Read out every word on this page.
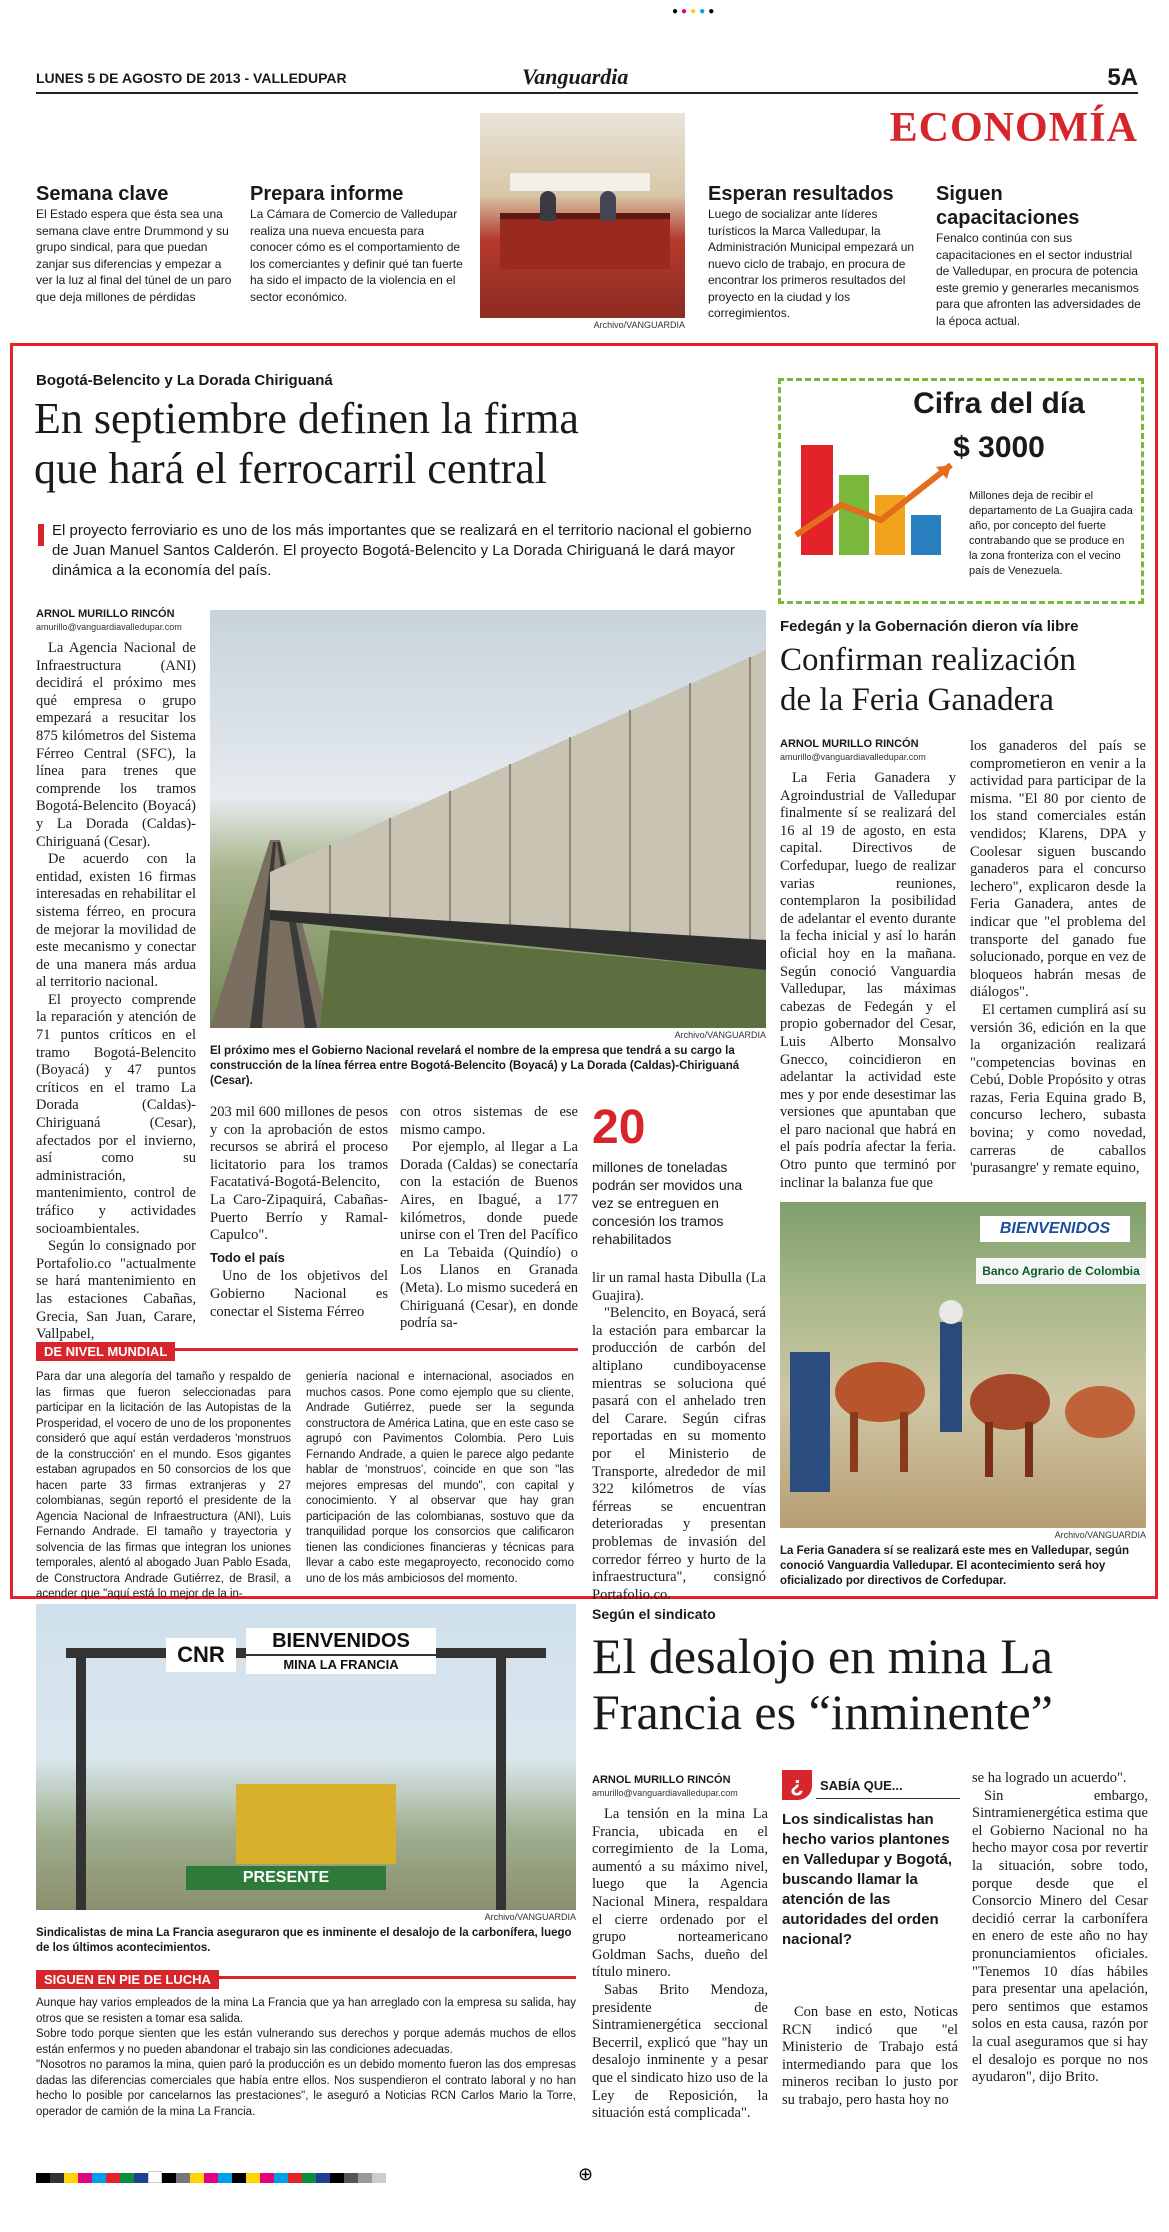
●●●●●
LUNES 5 DE AGOSTO DE 2013 - VALLEDUPAR	Vanguardia	5A
ECONOMÍA
Archivo/VANGUARDIA
Semana clave
El Estado espera que ésta sea una semana clave entre Drummond y su grupo sindical, para que puedan zanjar sus diferencias y empezar a ver la luz al final del túnel de un paro que deja millones de pérdidas
Prepara informe
La Cámara de Comercio de Valledupar realiza una nueva encuesta para conocer cómo es el comportamiento de los comerciantes y definir qué tan fuerte ha sido el impacto de la violencia en el sector económico.
Esperan resultados
Luego de socializar ante líderes turísticos la Marca Valledupar, la Administración Municipal empezará un nuevo ciclo de trabajo, en procura de encontrar los primeros resultados del proyecto en la ciudad y los corregimientos.
Siguen capacitaciones
Fenalco continúa con sus capacitaciones en el sector industrial de Valledupar, en procura de potencia este gremio y generarles mecanismos para que afronten las adversidades de la época actual.
Bogotá-Belencito y La Dorada Chiriguaná
En septiembre definen la firma
que hará el ferrocarril central
El proyecto ferroviario es uno de los más importantes que se realizará en el territorio nacional el gobierno de Juan Manuel Santos Calderón. El proyecto Bogotá-Belencito y La Dorada Chiriguaná le dará mayor dinámica a la economía del país.
ARNOL MURILLO RINCÓN
amurillo@vanguardiavalledupar.com

La Agencia Nacional de Infraestructura (ANI) decidirá el próximo mes qué empresa o grupo empezará a resucitar los 875 kilómetros del Sistema Férreo Central (SFC), la línea para trenes que comprende los tramos Bogotá-Belencito (Boyacá) y La Dorada (Caldas)-Chiriguaná (Cesar).

De acuerdo con la entidad, existen 16 firmas interesadas en rehabilitar el sistema férreo, en procura de mejorar la movilidad de este mecanismo y conectar de una manera más ardua al territorio nacional.

El proyecto comprende la reparación y atención de 71 puntos críticos en el tramo Bogotá-Belencito (Boyacá) y 47 puntos críticos en el tramo La Dorada (Caldas)-Chiriguaná (Cesar), afectados por el invierno, así como su administración, mantenimiento, control de tráfico y actividades socioambientales.

Según lo consignado por Portafolio.co "actualmente se hará mantenimiento en las estaciones Cabañas, Grecia, San Juan, Carare, Vallpabel,

Archivo/VANGUARDIA
El próximo mes el Gobierno Nacional revelará el nombre de la empresa que tendrá a su cargo la construcción de la línea férrea entre Bogotá-Belencito (Boyacá) y La Dorada (Caldas)-Chiriguaná (Cesar).

203 mil 600 millones de pesos y con la aprobación de estos recursos se abrirá el proceso licitatorio para los tramos Facatativá-Bogotá-Belencito, La Caro-Zipaquirá, Cabañas-Puerto Berrío y Ramal-Capulco".

Todo el país

Uno de los objetivos del Gobierno Nacional es conectar el Sistema Férreo

con otros sistemas de ese mismo campo.

Por ejemplo, al llegar a La Dorada (Caldas) se conectaría con la estación de Buenos Aires, en Ibagué, a 177 kilómetros, donde puede unirse con el Tren del Pacífico en La Tebaida (Quindío) o Los Llanos en Granada (Meta). Lo mismo sucederá en Chiriguaná (Cesar), en donde podría sa-

20
millones de toneladas podrán ser movidos una vez se entreguen en concesión los tramos rehabilitados

lir un ramal hasta Dibulla (La Guajira).

"Belencito, en Boyacá, será la estación para embarcar la producción de carbón del altiplano cundiboyacense mientras se soluciona qué pasará con el anhelado tren del Carare. Según cifras reportadas en su momento por el Ministerio de Transporte, alrededor de mil 322 kilómetros de vías férreas se encuentran deterioradas y presentan problemas de invasión del corredor férreo y hurto de la infraestructura", consignó Portafolio.co.

DE NIVEL MUNDIAL
Para dar una alegoría del tamaño y respaldo de las firmas que fueron seleccionadas para participar en la licitación de las Autopistas de la Prosperidad, el vocero de uno de los proponentes consideró que aquí están verdaderos 'monstruos de la construcción' en el mundo. Esos gigantes estaban agrupados en 50 consorcios de los que hacen parte 33 firmas extranjeras y 27 colombianas, según reportó el presidente de la Agencia Nacional de Infraestructura (ANI), Luis Fernando Andrade. El tamaño y trayectoria y solvencia de las firmas que integran los uniones temporales, alentó al abogado Juan Pablo Esada, de Constructora Andrade Gutiérrez, de Brasil, a acender que "aquí está lo mejor de la in-
geniería nacional e internacional, asociados en muchos casos. Pone como ejemplo que su cliente, Andrade Gutiérrez, puede ser la segunda constructora de América Latina, que en este caso se agrupó con Pavimentos Colombia. Pero Luis Fernando Andrade, a quien le parece algo pedante hablar de 'monstruos', coincide en que son "las mejores empresas del mundo", con capital y conocimiento. Y al observar que hay gran participación de las colombianas, sostuvo que da tranquilidad porque los consorcios que calificaron tienen las condiciones financieras y técnicas para llevar a cabo este megaproyecto, reconocido como uno de los más ambiciosos del momento.
Cifra del día
$ 3000
Millones deja de recibir el departamento de La Guajira cada año, por concepto del fuerte contrabando que se produce en la zona fronteriza con el vecino país de Venezuela.
Fedegán y la Gobernación dieron vía libre
Confirman realización
de la Feria Ganadera
ARNOL MURILLO RINCÓN
amurillo@vanguardiavalledupar.com

La Feria Ganadera y Agroindustrial de Valledupar finalmente sí se realizará del 16 al 19 de agosto, en esta capital. Directivos de Corfedupar, luego de realizar varias reuniones, contemplaron la posibilidad de adelantar el evento durante la fecha inicial y así lo harán oficial hoy en la mañana. Según conoció Vanguardia Valledupar, las máximas cabezas de Fedegán y el propio gobernador del Cesar, Luis Alberto Monsalvo Gnecco, coincidieron en adelantar la actividad este mes y por ende desestimar las versiones que apuntaban que el paro nacional que habrá en el país podría afectar la feria. Otro punto que terminó por inclinar la balanza fue que

los ganaderos del país se comprometieron en venir a la actividad para participar de la misma. "El 80 por ciento de los stand comerciales están vendidos; Klarens, DPA y Coolesar siguen buscando ganaderos para el concurso lechero", explicaron desde la Feria Ganadera, antes de indicar que "el problema del transporte del ganado fue solucionado, porque en vez de bloqueos habrán mesas de diálogos".

El certamen cumplirá así su versión 36, edición en la que la organización realizará "competencias bovinas en Cebú, Doble Propósito y otras razas, Feria Equina grado B, concurso lechero, subasta bovina; y como novedad, carreras de caballos 'purasangre' y remate equino,

BIENVENIDOS
Banco Agrario de Colombia
Archivo/VANGUARDIA
La Feria Ganadera sí se realizará este mes en Valledupar, según conoció Vanguardia Valledupar. El acontecimiento será hoy oficializado por directivos de Corfedupar.
Según el sindicato
El desalojo en mina La
Francia es “inminente”
CNR
BIENVENIDOS
MINA LA FRANCIA
PRESENTE
Archivo/VANGUARDIA
Sindicalistas de mina La Francia aseguraron que es inminente el desalojo de la carbonífera, luego de los últimos acontecimientos.
SIGUEN EN PIE DE LUCHA

Aunque hay varios empleados de la mina La Francia que ya han arreglado con la empresa su salida, hay otros que se resisten a tomar esa salida.

Sobre todo porque sienten que les están vulnerando sus derechos y porque además muchos de ellos están enfermos y no pueden abandonar el trabajo sin las condiciones adecuadas.

"Nosotros no paramos la mina, quien paró la producción es un debido momento fueron las dos empresas dadas las diferencias comerciales que había entre ellos. Nos suspendieron el contrato laboral y no han hecho lo posible por cancelarnos las prestaciones", le aseguró a Noticias RCN Carlos Mario la Torre, operador de camión de la mina La Francia.

ARNOL MURILLO RINCÓN
amurillo@vanguardiavalledupar.com

La tensión en la mina La Francia, ubicada en el corregimiento de la Loma, aumentó a su máximo nivel, luego que la Agencia Nacional Minera, respaldara el cierre ordenado por el grupo norteamericano Goldman Sachs, dueño del título minero.

Sabas Brito Mendoza, presidente de Sintramienergética seccional Becerril, explicó que "hay un desalojo inminente y a pesar que el sindicato hizo uso de la Ley de Reposición, la situación está complicada".

¿	SABÍA QUE...
Los sindicalistas han hecho varios plantones en Valledupar y Bogotá, buscando llamar la atención de las autoridades del orden nacional?

Con base en esto, Noticas RCN indicó que "el Ministerio de Trabajo está intermediando para que los mineros reciban lo justo por su trabajo, pero hasta hoy no

se ha logrado un acuerdo".

Sin embargo, Sintramienergética estima que el Gobierno Nacional no ha hecho mayor cosa por revertir la situación, sobre todo, porque desde que el Consorcio Minero del Cesar decidió cerrar la carbonífera en enero de este año no hay pronunciamientos oficiales. "Tenemos 10 días hábiles para presentar una apelación, pero sentimos que estamos solos en esta causa, razón por la cual aseguramos que si hay el desalojo es porque no nos ayudaron", dijo Brito.

⊕
